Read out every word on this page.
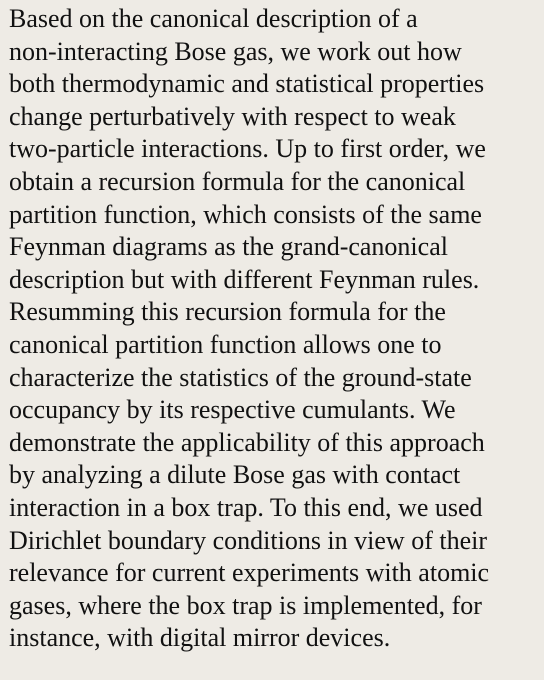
Based on the canonical description of a

non-interacting Bose gas, we work out how

both thermodynamic and statistical properties

change perturbatively with respect to weak

two-particle interactions. Up to first order, we

obtain a recursion formula for the canonical

partition function, which consists of the same

Feynman diagrams as the grand-canonical

description but with different Feynman rules.

Resumming this recursion formula for the

canonical partition function allows one to

characterize the statistics of the ground-state

occupancy by its respective cumulants. We

demonstrate the applicability of this approach

by analyzing a dilute Bose gas with contact

interaction in a box trap. To this end, we used

Dirichlet boundary conditions in view of their

relevance for current experiments with atomic

gases, where the box trap is implemented, for

instance, with digital mirror devices.
